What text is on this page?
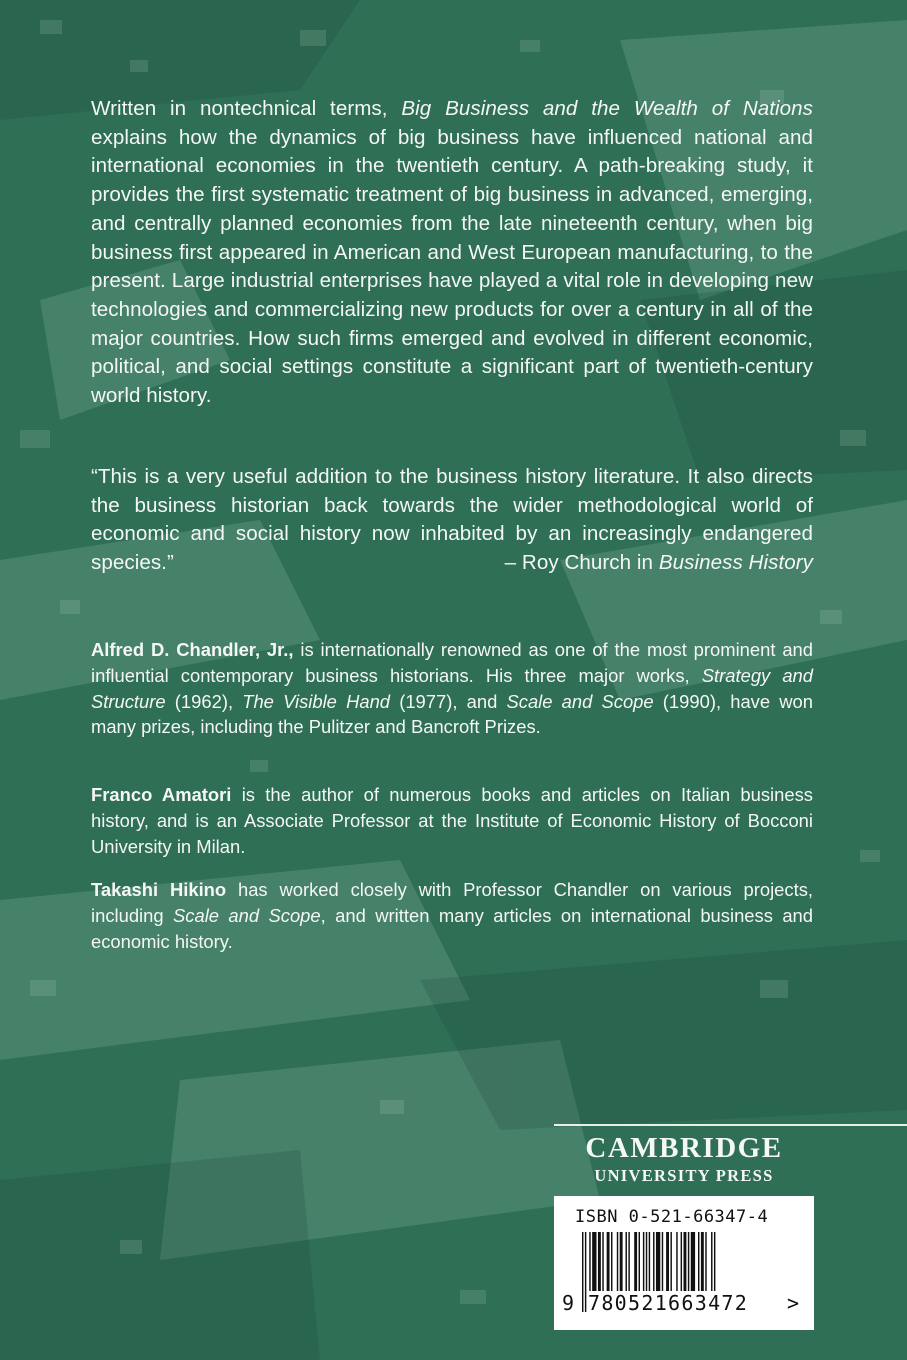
Written in nontechnical terms, Big Business and the Wealth of Nations explains how the dynamics of big business have influenced national and international economies in the twentieth century. A path-breaking study, it provides the first systematic treatment of big business in advanced, emerging, and centrally planned economies from the late nineteenth century, when big business first appeared in American and West European manufacturing, to the present. Large industrial enterprises have played a vital role in developing new technologies and commercializing new products for over a century in all of the major countries. How such firms emerged and evolved in different economic, political, and social settings constitute a significant part of twentieth-century world history.

“This is a very useful addition to the business history literature. It also directs the business historian back towards the wider methodological world of economic and social history now inhabited by an increasingly endangered species.”	– Roy Church in Business History

Alfred D. Chandler, Jr., is internationally renowned as one of the most prominent and influential contemporary business historians. His three major works, Strategy and Structure (1962), The Visible Hand (1977), and Scale and Scope (1990), have won many prizes, including the Pulitzer and Bancroft Prizes.
Franco Amatori is the author of numerous books and articles on Italian business history, and is an Associate Professor at the Institute of Economic History of Bocconi University in Milan.
Takashi Hikino has worked closely with Professor Chandler on various projects, including Scale and Scope, and written many articles on international business and economic history.
CAMBRIDGE
UNIVERSITY PRESS
ISBN 0-521-66347-4
9 780521663472	>
